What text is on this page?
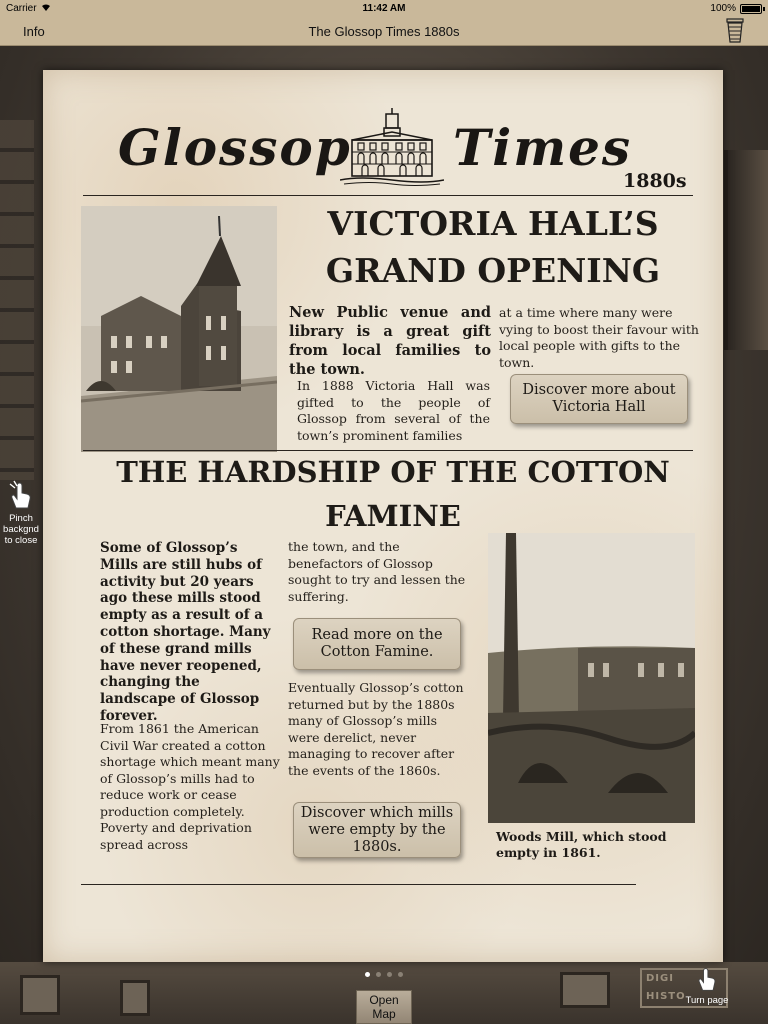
DIGI
HISTO
Carrier	11:42 AM	100%
Info	The Glossop Times 1880s
Glossop Times
1880s
VICTORIA HALL’S GRAND OPENING
New Public venue and library is a great gift from local families to the town.
In 1888 Victoria Hall was gifted to the people of Glossop from several of the town’s prominent families
at a time where many were vying to boost their favour with local people with gifts to the town.
Discover more about Victoria Hall
THE HARDSHIP OF THE COTTON FAMINE
Some of Glossop’s Mills are still hubs of activity but 20 years ago these mills stood empty as a result of a cotton shortage. Many of these grand mills have never reopened, changing the landscape of Glossop forever.
From 1861 the American Civil War created a cotton shortage which meant many of Glossop’s mills had to reduce work or cease production completely. Poverty and deprivation spread across
the town, and the benefactors of Glossop sought to try and lessen the suffering.
Read more on the Cotton Famine.
Eventually Glossop’s cotton returned but by the 1880s many of Glossop’s mills were derelict, never managing to recover after the events of the 1860s.
Discover which mills were empty by the 1880s.
Woods Mill, which stood empty in 1861.
Pinch backgnd to close
Turn page
Open Map
